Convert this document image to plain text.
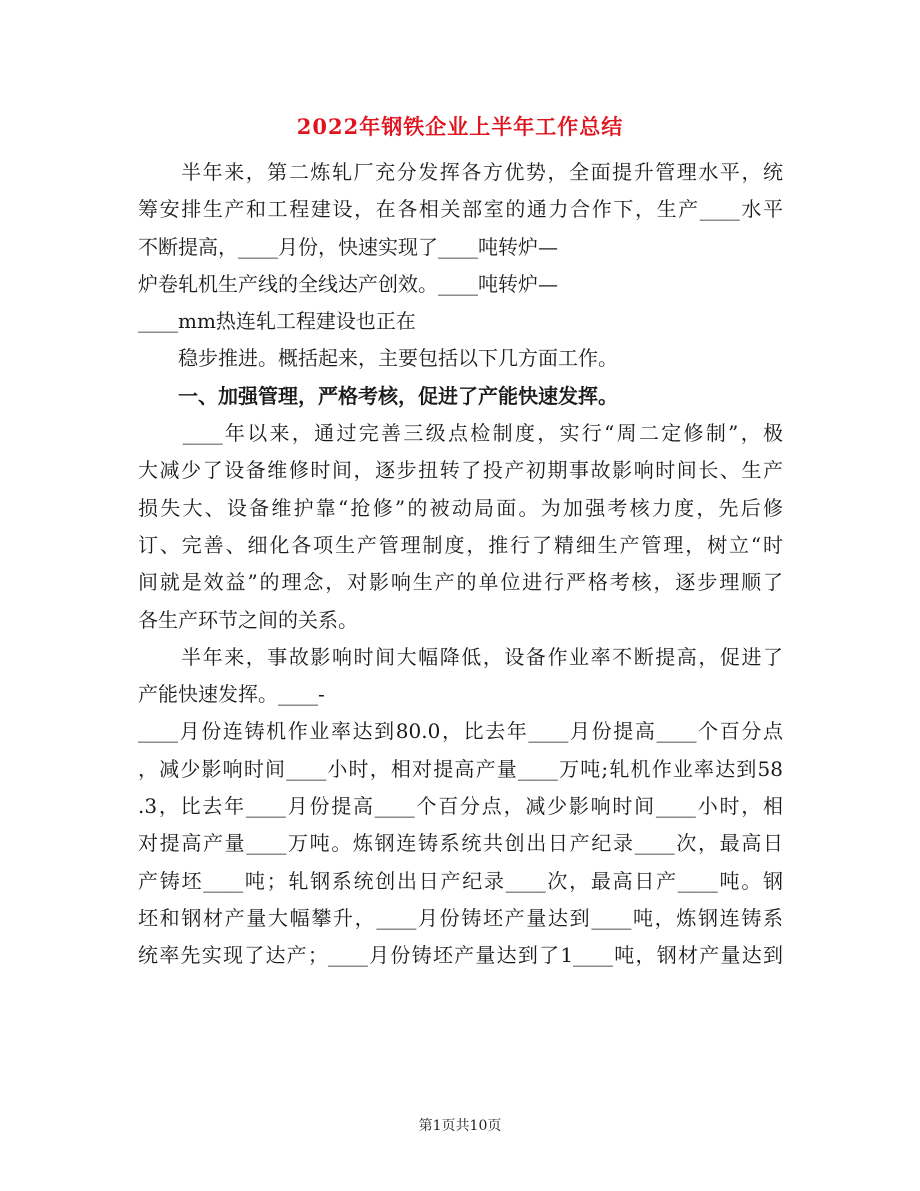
2022年钢铁企业上半年工作总结
　　半年来，第二炼轧厂充分发挥各方优势，全面提升管理水平，统
筹安排生产和工程建设，在各相关部室的通力合作下，生产____水平
不断提高，____月份，快速实现了____吨转炉—
炉卷轧机生产线的全线达产创效。____吨转炉—
____mm热连轧工程建设也正在
　　稳步推进。概括起来，主要包括以下几方面工作。
　　一、加强管理，严格考核，促进了产能快速发挥。
　　____年以来，通过完善三级点检制度，实行“周二定修制”，极
大减少了设备维修时间，逐步扭转了投产初期事故影响时间长、生产
损失大、设备维护靠“抢修”的被动局面。为加强考核力度，先后修
订、完善、细化各项生产管理制度，推行了精细生产管理，树立“时
间就是效益”的理念，对影响生产的单位进行严格考核，逐步理顺了
各生产环节之间的关系。
　　半年来，事故影响时间大幅降低，设备作业率不断提高，促进了
产能快速发挥。____-
____月份连铸机作业率达到80.0，比去年____月份提高____个百分点
，减少影响时间____小时，相对提高产量____万吨;轧机作业率达到58
.3，比去年____月份提高____个百分点，减少影响时间____小时，相
对提高产量____万吨。炼钢连铸系统共创出日产纪录____次，最高日
产铸坯____吨；轧钢系统创出日产纪录____次，最高日产____吨。钢
坯和钢材产量大幅攀升，____月份铸坯产量达到____吨，炼钢连铸系
统率先实现了达产；____月份铸坯产量达到了1____吨，钢材产量达到
第1页共10页
